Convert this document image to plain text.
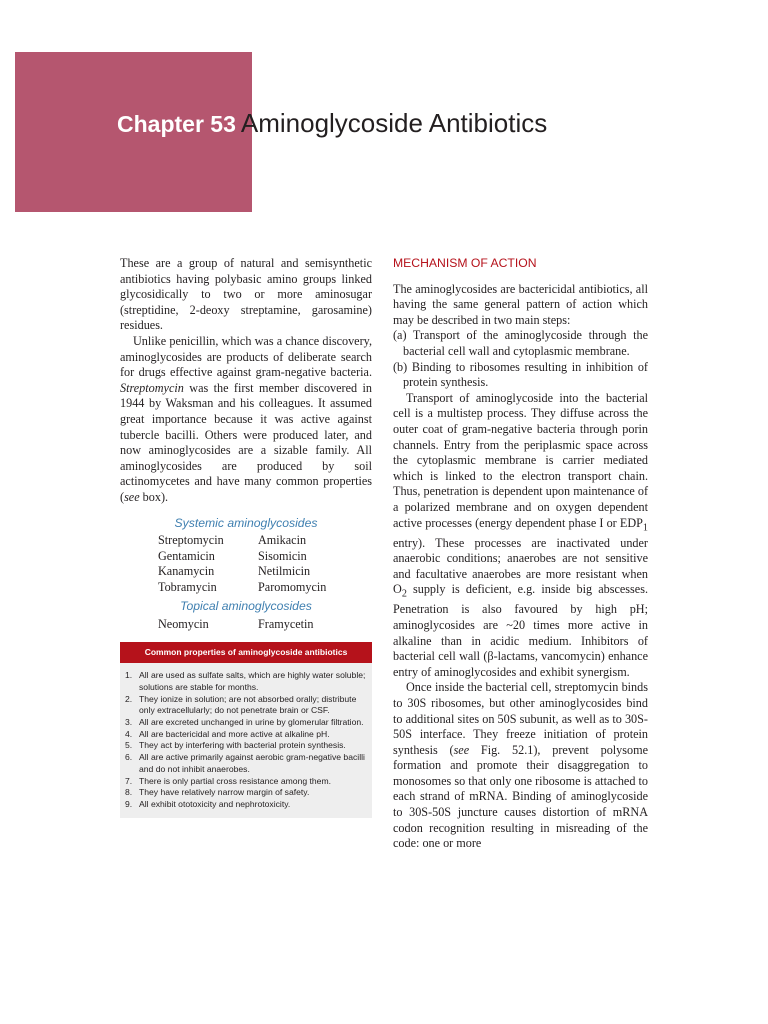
Chapter 53 Aminoglycoside Antibiotics

These are a group of natural and semisynthetic antibiotics having polybasic amino groups linked glycosidically to two or more aminosugar (streptidine, 2-deoxy streptamine, garosamine) residues.

Unlike penicillin, which was a chance discovery, aminoglycosides are products of deliberate search for drugs effective against gram-negative bacteria. Streptomycin was the first member discovered in 1944 by Waksman and his colleagues. It assumed great importance because it was active against tubercle bacilli. Others were produced later, and now aminoglycosides are a sizable family. All aminoglycosides are produced by soil actinomycetes and have many common properties (see box).

Systemic aminoglycosides
Streptomycin	Amikacin
Gentamicin	Sisomicin
Kanamycin	Netilmicin
Tobramycin	Paromomycin
Topical aminoglycosides
Neomycin	Framycetin
Common properties of aminoglycoside antibiotics
1. All are used as sulfate salts, which are highly water soluble; solutions are stable for months.
2. They ionize in solution; are not absorbed orally; distribute only extracellularly; do not penetrate brain or CSF.
3. All are excreted unchanged in urine by glomerular filtration.
4. All are bactericidal and more active at alkaline pH.
5. They act by interfering with bacterial protein synthesis.
6. All are active primarily against aerobic gram-negative bacilli and do not inhibit anaerobes.
7. There is only partial cross resistance among them.
8. They have relatively narrow margin of safety.
9. All exhibit ototoxicity and nephrotoxicity.
MECHANISM OF ACTION

The aminoglycosides are bactericidal antibiotics, all having the same general pattern of action which may be described in two main steps:

(a) Transport of the aminoglycoside through the bacterial cell wall and cytoplasmic membrane.

(b) Binding to ribosomes resulting in inhibition of protein synthesis.

Transport of aminoglycoside into the bacterial cell is a multistep process. They diffuse across the outer coat of gram-negative bacteria through porin channels. Entry from the periplasmic space across the cytoplasmic membrane is carrier mediated which is linked to the electron transport chain. Thus, penetration is dependent upon maintenance of a polarized membrane and on oxygen dependent active processes (energy dependent phase I or $EDP_1$ entry). These processes are inactivated under anaerobic conditions; anaerobes are not sensitive and facultative anaerobes are more resistant when $O_2$ supply is deficient, e.g. inside big abscesses. Penetration is also favoured by high pH; aminoglycosides are ~20 times more active in alkaline than in acidic medium. Inhibitors of bacterial cell wall (β-lactams, vancomycin) enhance entry of aminoglycosides and exhibit synergism.

Once inside the bacterial cell, streptomycin binds to 30S ribosomes, but other aminoglycosides bind to additional sites on 50S subunit, as well as to 30S-50S interface. They freeze initiation of protein synthesis (see Fig. 52.1), prevent polysome formation and promote their disaggregation to monosomes so that only one ribosome is attached to each strand of mRNA. Binding of aminoglycoside to 30S-50S juncture causes distortion of mRNA codon recognition resulting in misreading of the code: one or more
